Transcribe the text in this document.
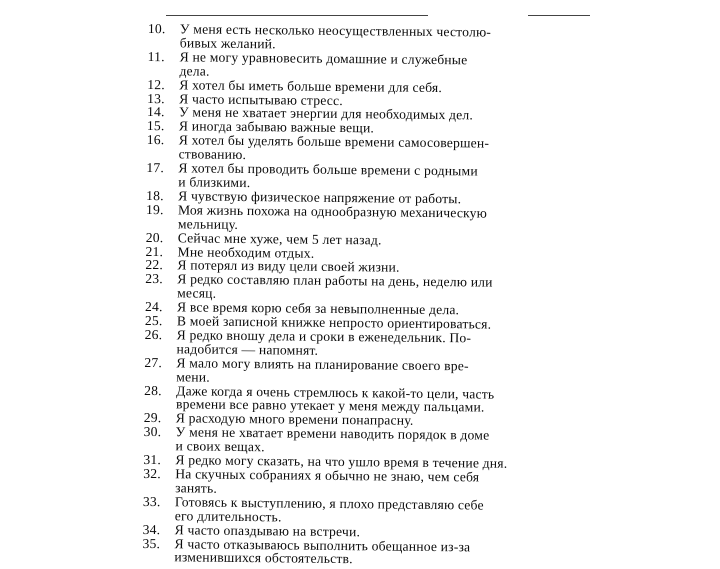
10.	У меня есть несколько неосуществленных честолю-
бивых желаний.
11.	Я не могу уравновесить домашние и служебные
дела.
12.	Я хотел бы иметь больше времени для себя.
13.	Я часто испытываю стресс.
14.	У меня не хватает энергии для необходимых дел.
15.	Я иногда забываю важные вещи.
16.	Я хотел бы уделять больше времени самосовершен-
ствованию.
17.	Я хотел бы проводить больше времени с родными
и близкими.
18.	Я чувствую физическое напряжение от работы.
19.	Моя жизнь похожа на однообразную механическую
мельницу.
20.	Сейчас мне хуже, чем 5 лет назад.
21.	Мне необходим отдых.
22.	Я потерял из виду цели своей жизни.
23.	Я редко составляю план работы на день, неделю или
месяц.
24.	Я все время корю себя за невыполненные дела.
25.	В моей записной книжке непросто ориентироваться.
26.	Я редко вношу дела и сроки в еженедельник. По-
надобится — напомнят.
27.	Я мало могу влиять на планирование своего вре-
мени.
28.	Даже когда я очень стремлюсь к какой-то цели, часть
времени все равно утекает у меня между пальцами.
29.	Я расходую много времени понапрасну.
30.	У меня не хватает времени наводить порядок в доме
и своих вещах.
31.	Я редко могу сказать, на что ушло время в течение дня.
32.	На скучных собраниях я обычно не знаю, чем себя
занять.
33.	Готовясь к выступлению, я плохо представляю себе
его длительность.
34.	Я часто опаздываю на встречи.
35.	Я часто отказываюсь выполнить обещанное из-за
изменившихся обстоятельств.
